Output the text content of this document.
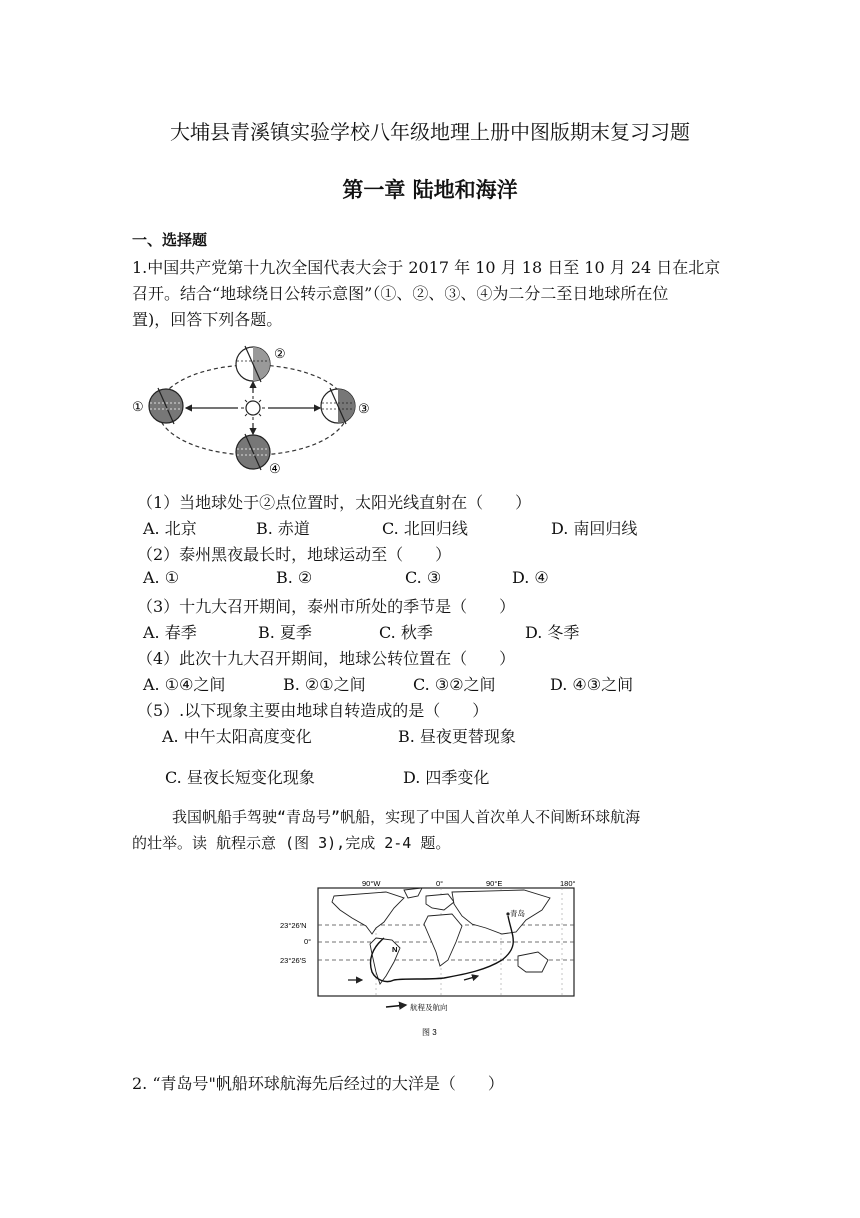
大埔县青溪镇实验学校八年级地理上册中图版期末复习习题
第一章 陆地和海洋
一、选择题
1.中国共产党第十九次全国代表大会于 2017 年 10 月 18 日至 10 月 24 日在北京
召开。结合“地球绕日公转示意图”（①、②、③、④为二分二至日地球所在位
置)，回答下列各题。
①
②
③
④
（1）当地球处于②点位置时，太阳光线直射在（　　）
A. 北京	B. 赤道	C. 北回归线	D. 南回归线
（2）泰州黑夜最长时，地球运动至（　　）
A. ①	B. ②	C. ③	D. ④
（3）十九大召开期间，泰州市所处的季节是（　　）
A. 春季	B. 夏季	C. 秋季	D. 冬季
（4）此次十九大召开期间，地球公转位置在（　　）
A. ①④之间	B. ②①之间	C. ③②之间	D. ④③之间
（5）.以下现象主要由地球自转造成的是（　　）
A. 中午太阳高度变化	B. 昼夜更替现象
C. 昼夜长短变化现象	D. 四季变化
我国帆船手驾驶“青岛号”帆船，实现了中国人首次单人不间断环球航海
的壮举。读 航程示意 (图 3),完成 2-4 题。
90°W	0°	90°E	180°
23°26′N
0°
23°26′S
青岛
N
航程及航向
图 3
2. “青岛号"帆船环球航海先后经过的大洋是（　　）
